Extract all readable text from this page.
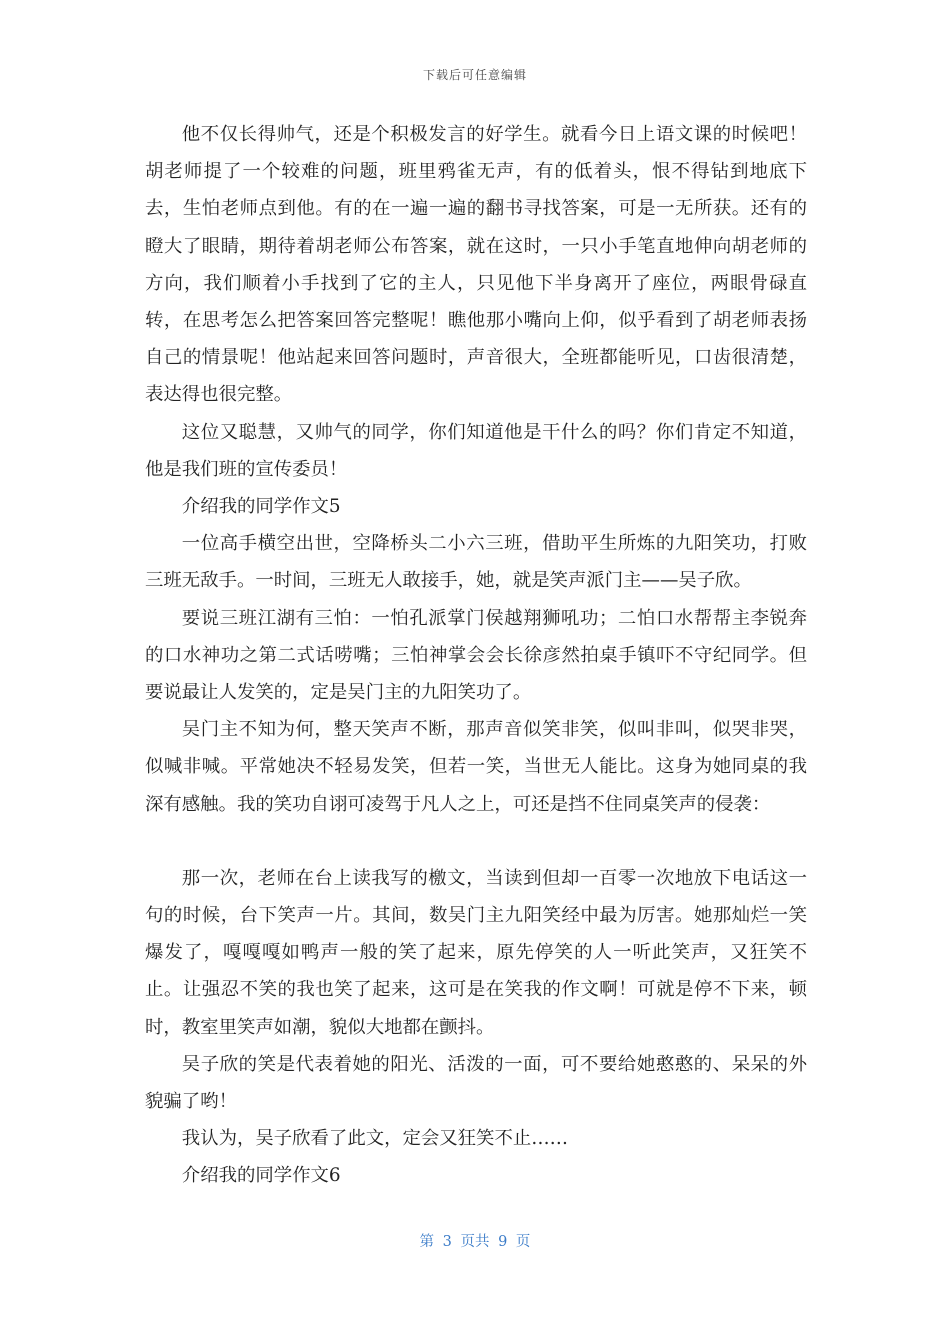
下载后可任意编辑

他不仅长得帅气，还是个积极发言的好学生。就看今日上语文课的时候吧！胡老师提了一个较难的问题，班里鸦雀无声，有的低着头，恨不得钻到地底下去，生怕老师点到他。有的在一遍一遍的翻书寻找答案，可是一无所获。还有的瞪大了眼睛，期待着胡老师公布答案，就在这时，一只小手笔直地伸向胡老师的方向，我们顺着小手找到了它的主人，只见他下半身离开了座位，两眼骨碌直转，在思考怎么把答案回答完整呢！瞧他那小嘴向上仰，似乎看到了胡老师表扬自己的情景呢！他站起来回答问题时，声音很大，全班都能听见，口齿很清楚，表达得也很完整。

这位又聪慧，又帅气的同学，你们知道他是干什么的吗？你们肯定不知道，他是我们班的宣传委员！

介绍我的同学作文5

一位高手横空出世，空降桥头二小六三班，借助平生所炼的九阳笑功，打败三班无敌手。一时间，三班无人敢接手，她，就是笑声派门主——吴子欣。

要说三班江湖有三怕：一怕孔派掌门侯越翔狮吼功；二怕口水帮帮主李锐奔的口水神功之第二式话唠嘴；三怕神掌会会长徐彦然拍桌手镇吓不守纪同学。但要说最让人发笑的，定是吴门主的九阳笑功了。

吴门主不知为何，整天笑声不断，那声音似笑非笑，似叫非叫，似哭非哭，似喊非喊。平常她决不轻易发笑，但若一笑，当世无人能比。这身为她同桌的我深有感触。我的笑功自诩可凌驾于凡人之上，可还是挡不住同桌笑声的侵袭：

那一次，老师在台上读我写的檄文，当读到但却一百零一次地放下电话这一句的时候，台下笑声一片。其间，数吴门主九阳笑经中最为厉害。她那灿烂一笑爆发了，嘎嘎嘎如鸭声一般的笑了起来，原先停笑的人一听此笑声，又狂笑不止。让强忍不笑的我也笑了起来，这可是在笑我的作文啊！可就是停不下来，顿时，教室里笑声如潮，貌似大地都在颤抖。

吴子欣的笑是代表着她的阳光、活泼的一面，可不要给她憨憨的、呆呆的外貌骗了哟！

我认为，吴子欣看了此文，定会又狂笑不止……

介绍我的同学作文6

第 3 页共 9 页
